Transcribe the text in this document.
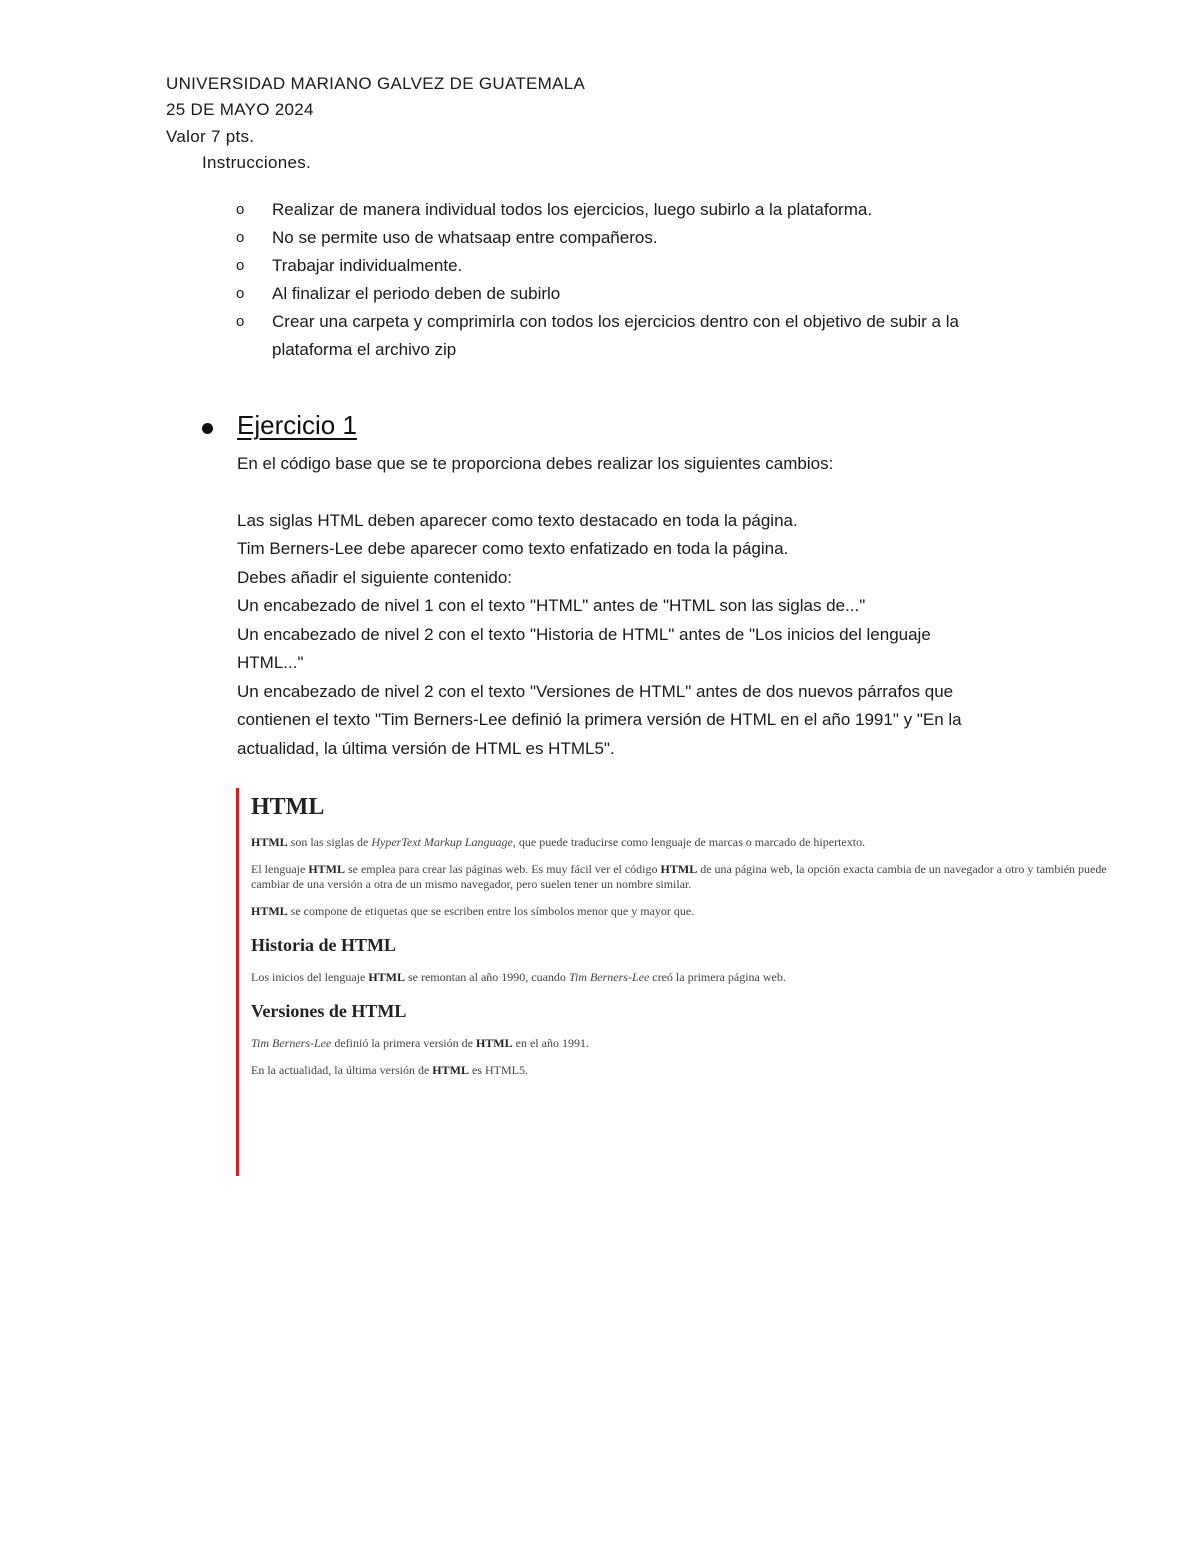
UNIVERSIDAD MARIANO GALVEZ DE GUATEMALA
25 DE MAYO 2024
Valor 7 pts.
Instrucciones.
o	Realizar de manera individual todos los ejercicios, luego subirlo a la plataforma.
o	No se permite uso de whatsaap entre compañeros.
o	Trabajar individualmente.
o	Al finalizar el periodo deben de subirlo
o	Crear una carpeta y comprimirla con todos los ejercicios dentro con el objetivo de subir a la plataforma el archivo zip
Ejercicio 1

En el código base que se te proporciona debes realizar los siguientes cambios:

Las siglas HTML deben aparecer como texto destacado en toda la página.

Tim Berners-Lee debe aparecer como texto enfatizado en toda la página.

Debes añadir el siguiente contenido:

Un encabezado de nivel 1 con el texto "HTML" antes de "HTML son las siglas de..."

Un encabezado de nivel 2 con el texto "Historia de HTML" antes de "Los inicios del lenguaje HTML..."

Un encabezado de nivel 2 con el texto "Versiones de HTML" antes de dos nuevos párrafos que contienen el texto "Tim Berners-Lee definió la primera versión de HTML en el año 1991" y "En la actualidad, la última versión de HTML es HTML5".

HTML

HTML son las siglas de HyperText Markup Language, que puede traducirse como lenguaje de marcas o marcado de hipertexto.

El lenguaje HTML se emplea para crear las páginas web. Es muy fácil ver el código HTML de una página web, la opción exacta cambia de un navegador a otro y también puede cambiar de una versión a otra de un mismo navegador, pero suelen tener un nombre similar.

HTML se compone de etiquetas que se escriben entre los símbolos menor que y mayor que.

Historia de HTML

Los inicios del lenguaje HTML se remontan al año 1990, cuando Tim Berners-Lee creó la primera página web.

Versiones de HTML

Tim Berners-Lee definió la primera versión de HTML en el año 1991.

En la actualidad, la última versión de HTML es HTML5.
